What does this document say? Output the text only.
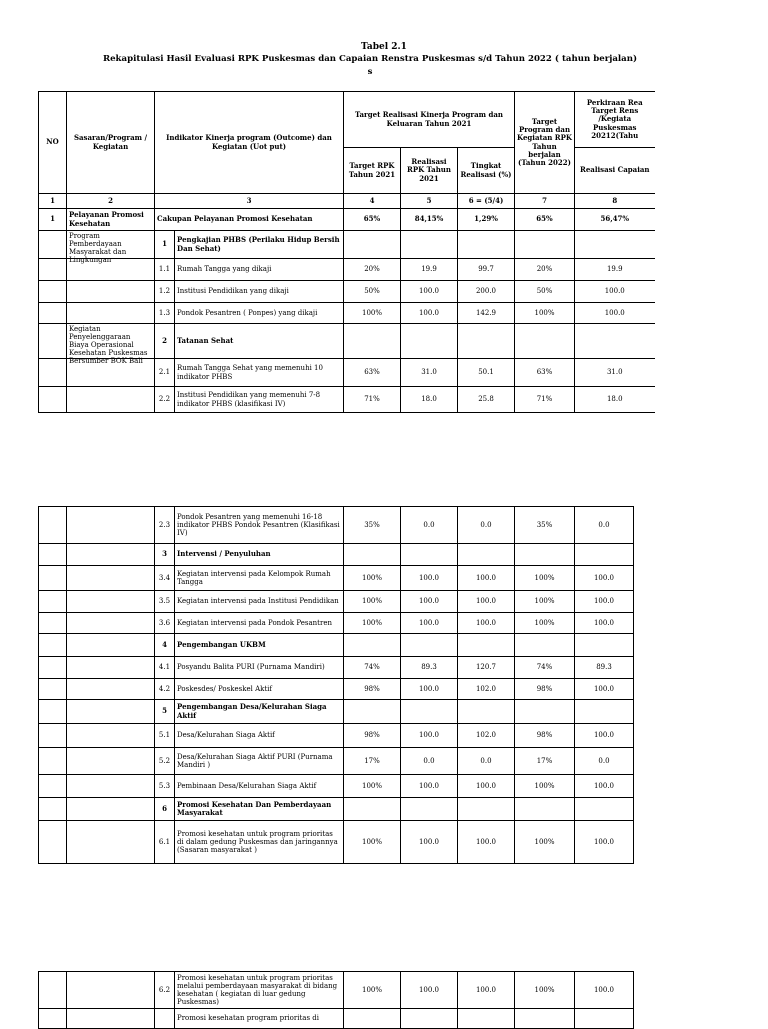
Tabel 2.1
Rekapitulasi Hasil Evaluasi RPK Puskesmas dan Capaian Renstra Puskesmas s/d Tahun 2022 ( tahun berjalan)
s
NO	Sasaran/Program / Kegiatan	Indikator Kinerja program (Outcome) dan Kegiatan (Uot put)		Target Realisasi Kinerja Program dan Keluaran Tahun 2021			Target Program dan Kegiatan RPK Tahun berjalan (Tahun 2022)	Perkiraan Rea Target Rens /Kegiata Puskesmas 20212(Tahu
				Target RPK Tahun 2021	Realisasi RPK Tahun 2021	Tingkat Realisasi (%)		Realisasi Capaian
1	2	3		4	5	6 = (5/4)	7	8
1	Pelayanan Promosi Kesehatan	Cakupan Pelayanan Promosi Kesehatan		65%	84,15%	1,29%	65%	56,47%

	Program Pemberdayaan Masyarakat dan Lingkungan	1	Pengkajian PHBS (Perilaku Hidup Bersih Dan Sehat)					
		1.1	Rumah Tangga yang dikaji	20%	19.9	99.7	20%	19.9
		1.2	Institusi Pendidikan yang dikaji	50%	100.0	200.0	50%	100.0
		1.3	Pondok Pesantren ( Ponpes) yang dikaji	100%	100.0	142.9	100%	100.0

	Kegiatan Penyelenggaraan Biaya Operasional Kesehatan Puskesmas Bersumber BOK Bali	2	Tatanan Sehat					
		2.1	Rumah Tangga Sehat yang memenuhi 10 indikator PHBS	63%	31.0	50.1	63%	31.0
		2.2	Institusi Pendidikan yang memenuhi 7-8 indikator PHBS (klasifikasi IV)	71%	18.0	25.8	71%	18.0
		2.3	Pondok Pesantren yang memenuhi 16-18 indikator PHBS Pondok Pesantren (Klasifikasi IV)	35%	0.0	0.0	35%	0.0
		3	Intervensi / Penyuluhan					
		3.4	Kegiatan intervensi pada Kelompok Rumah Tangga	100%	100.0	100.0	100%	100.0
		3.5	Kegiatan intervensi pada Institusi Pendidikan	100%	100.0	100.0	100%	100.0
		3.6	Kegiatan intervensi pada Pondok Pesantren	100%	100.0	100.0	100%	100.0
		4	Pengembangan UKBM					
		4.1	Posyandu Balita PURI (Purnama Mandiri)	74%	89.3	120.7	74%	89.3
		4.2	Poskesdes/ Poskeskel Aktif	98%	100.0	102.0	98%	100.0
		5	Pengembangan Desa/Kelurahan Siaga Aktif					
		5.1	Desa/Kelurahan Siaga Aktif	98%	100.0	102.0	98%	100.0
		5.2	Desa/Kelurahan Siaga Aktif PURI (Purnama Mandiri )	17%	0.0	0.0	17%	0.0
		5.3	Pembinaan Desa/Kelurahan Siaga Aktif	100%	100.0	100.0	100%	100.0
		6	Promosi Kesehatan Dan Pemberdayaan Masyarakat					
		6.1	Promosi kesehatan untuk program prioritas di dalam gedung Puskesmas dan jaringannya (Sasaran masyarakat )	100%	100.0	100.0	100%	100.0
		6.2	Promosi kesehatan untuk program prioritas melalui pemberdayaan masyarakat di bidang kesehatan ( kegiatan di luar gedung Puskesmas)	100%	100.0	100.0	100%	100.0
			Promosi kesehatan program prioritas di					
